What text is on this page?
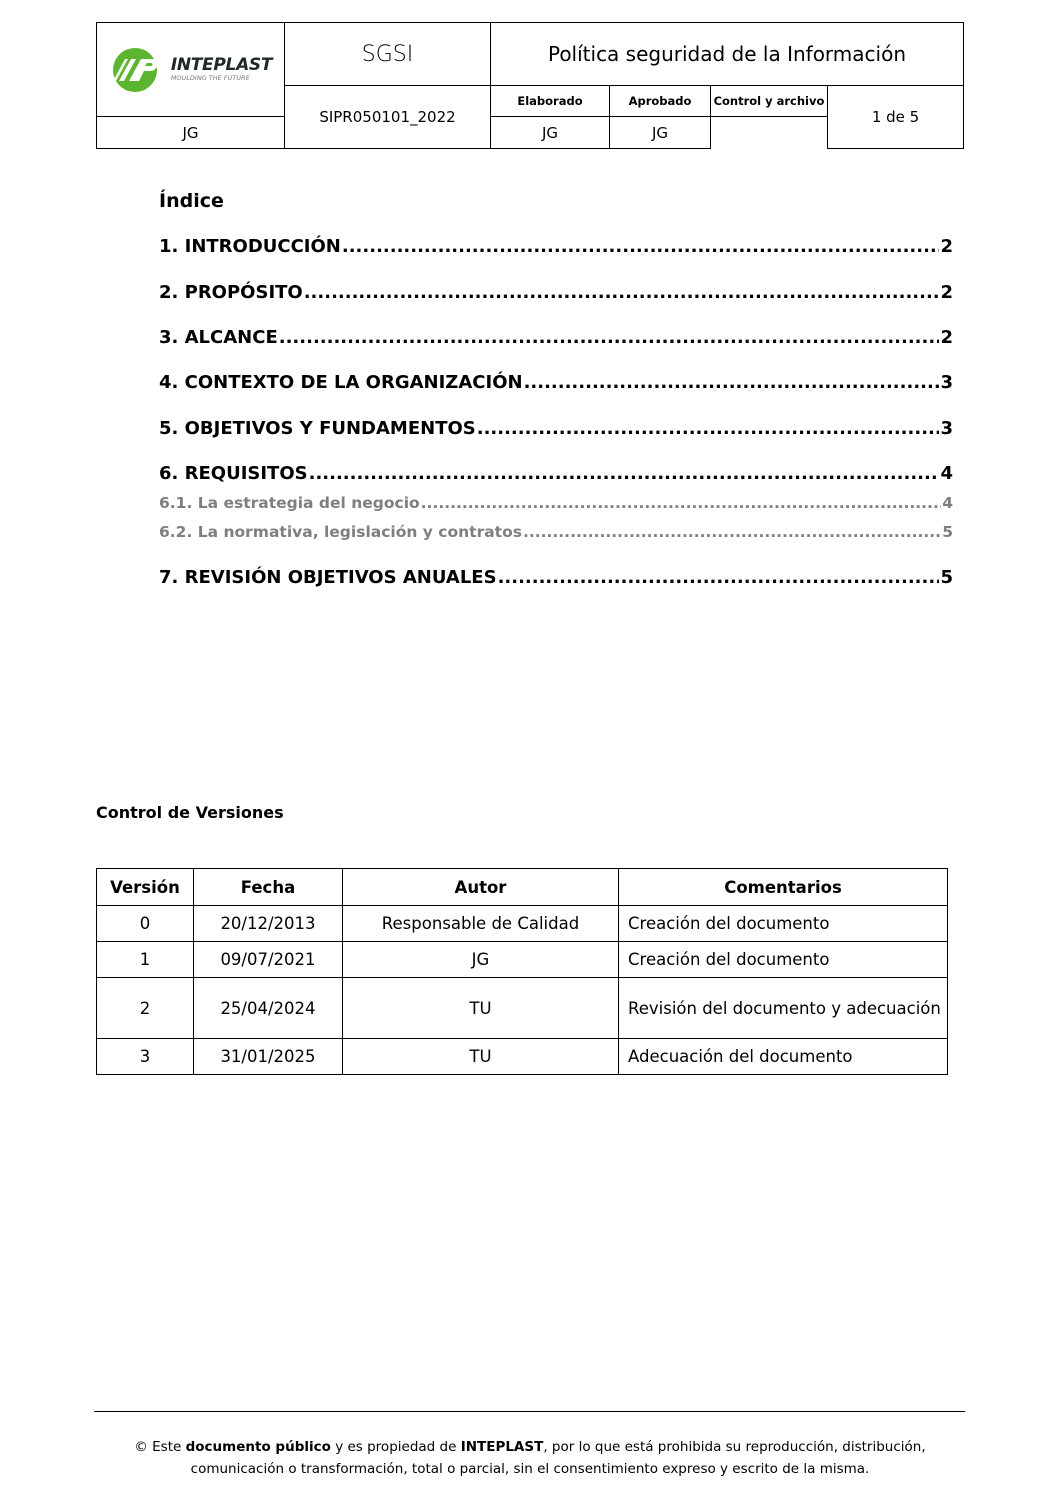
INTEPLAST
MOULDING THE FUTURE	SGSI	Política seguridad de la Información			
	SIPR050101_2022	Elaborado	Aprobado	Control y archivo	1 de 5
JG		JG	JG		
Índice
1. INTRODUCCIÓN .....	2
2. PROPÓSITO .....	2
3. ALCANCE .....	2
4. CONTEXTO DE LA ORGANIZACIÓN .....	3
5. OBJETIVOS Y FUNDAMENTOS .....	3
6. REQUISITOS .....	4
6.1. La estrategia del negocio .....	4
6.2. La normativa, legislación y contratos .....	5
7. REVISIÓN OBJETIVOS ANUALES .....	5
Control de Versiones
Versión	Fecha	Autor	Comentarios
0	20/12/2013	Responsable de Calidad	Creación del documento
1	09/07/2021	JG	Creación del documento
2	25/04/2024	TU	Revisión del documento y adecuación
3	31/01/2025	TU	Adecuación del documento
© Este documento público y es propiedad de INTEPLAST, por lo que está prohibida su reproducción, distribución, comunicación o transformación, total o parcial, sin el consentimiento expreso y escrito de la misma.
